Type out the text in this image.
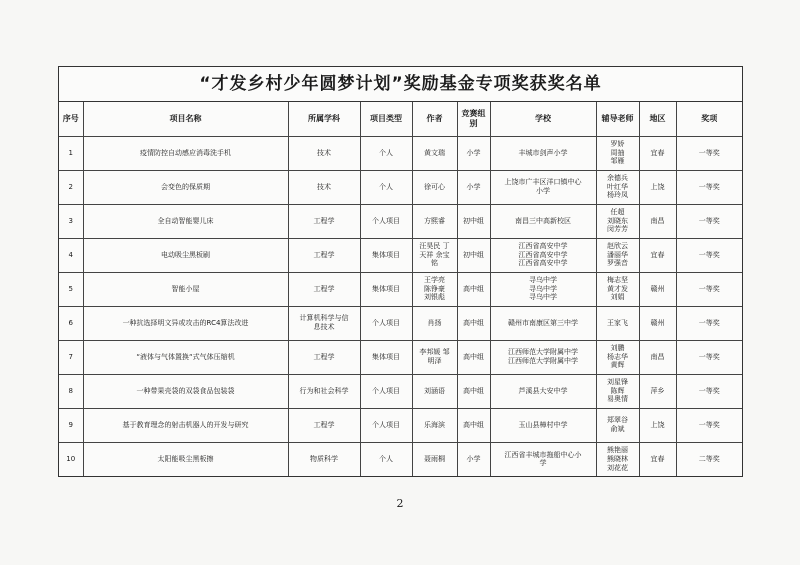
“才发乡村少年圆梦计划”奖励基金专项奖获奖名单
序号	项目名称	所属学科	项目类型	作者	竞赛组别	学校	辅导老师	地区	奖项
1	疫情防控自动感应消毒洗手机	技术	个人	黄文瑞	小学	丰城市剑声小学	罗娇
周抽
邹雁	宜春	一等奖
2	会变色的保质期	技术	个人	徐可心	小学	上饶市广丰区洋口镇中心
小学	余德兵
叶红华
杨玲凤	上饶	一等奖
3	全自动智能婴儿床	工程学	个人项目	方熙睿	初中组	南昌三中高新校区	任超
刘晓东
闵芳芳	南昌	一等奖
4	电动吸尘黑板刷	工程学	集体项目	汪昊民 丁
天祥 余宝
铭	初中组	江西省高安中学
江西省高安中学
江西省高安中学	赵欣云
潘丽华
罗强音	宜春	一等奖
5	智能小屋	工程学	集体项目	王学亮
陈铮豪
刘银彪	高中组	寻乌中学
寻乌中学
寻乌中学	梅志坚
黄才发
刘娟	赣州	一等奖
6	一种抗选择明文异或攻击的RC4算法改进	计算机科学与信
息技术	个人项目	肖扬	高中组	赣州市南康区第三中学	王家飞	赣州	一等奖
7	“液体与气体置换“式气体压缩机	工程学	集体项目	李邦媛 邹
明泽	高中组	江西师范大学附属中学
江西师范大学附属中学	刘鹏
杨志华
黄辉	南昌	一等奖
8	一种带果壳袋的双袋食品包装袋	行为和社会科学	个人项目	刘涵语	高中组	芦溪县大安中学	刘星锋
陈辉
易奥情	萍乡	一等奖
9	基于教育理念的射击机器人的开发与研究	工程学	个人项目	乐海滨	高中组	玉山县樟村中学	郑翠谷
俞斌	上饶	一等奖
10	太阳能吸尘黑板擦	物质科学	个人	聂雨桐	小学	江西省丰城市拖船中心小
学	熊艳丽
熊晓林
刘花花	宜春	二等奖
2
